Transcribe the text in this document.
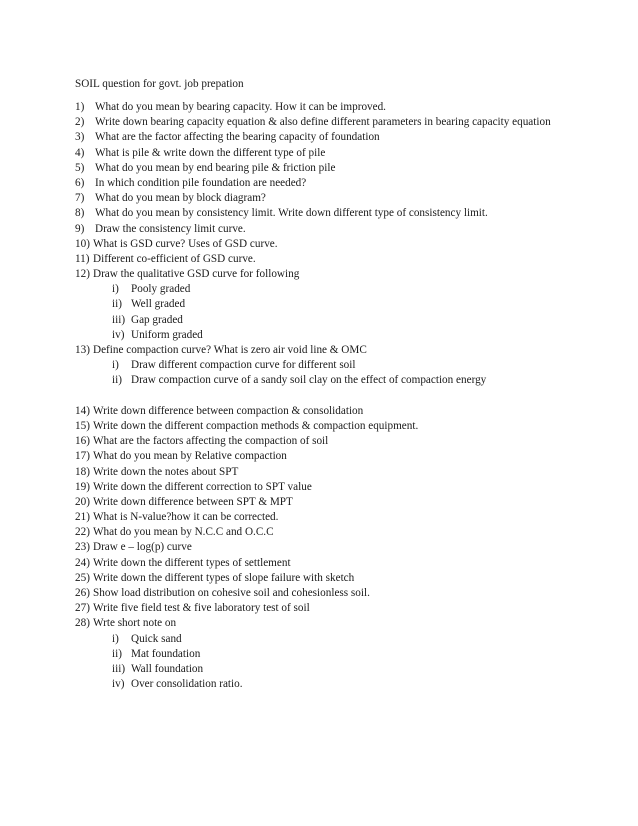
SOIL question for govt. job prepation
1) What do you mean by bearing capacity. How it can be improved.
2) Write down bearing capacity equation & also define different parameters in bearing capacity equation
3) What are the factor affecting the bearing capacity of foundation
4) What is pile & write down the different type of pile
5) What do you mean by end bearing pile & friction pile
6) In which condition pile foundation are needed?
7) What do you mean by block diagram?
8) What do you mean by consistency limit. Write down different type of consistency limit.
9) Draw the consistency limit curve.
10) What is GSD curve? Uses of GSD curve.
11) Different co-efficient of GSD curve.
12) Draw the qualitative GSD curve for following
i) Pooly graded
ii) Well graded
iii) Gap graded
iv) Uniform graded
13) Define compaction curve? What is zero air void line & OMC
i) Draw different compaction curve for different soil
ii) Draw compaction curve of a sandy soil clay on the effect of compaction energy
14) Write down difference between compaction & consolidation
15) Write down the different compaction methods & compaction equipment.
16) What are the factors affecting the compaction of soil
17) What do you mean by Relative compaction
18) Write down the notes about SPT
19) Write down the different correction to SPT value
20) Write down difference between SPT & MPT
21) What is N-value?how it can be corrected.
22) What do you mean by N.C.C and O.C.C
23) Draw e – log(p) curve
24) Write down the different types of settlement
25) Write down the different types of slope failure with sketch
26) Show load distribution on cohesive soil and cohesionless soil.
27) Write five field test & five laboratory test of soil
28) Wrte short note on
i) Quick sand
ii) Mat foundation
iii) Wall foundation
iv) Over consolidation ratio.
